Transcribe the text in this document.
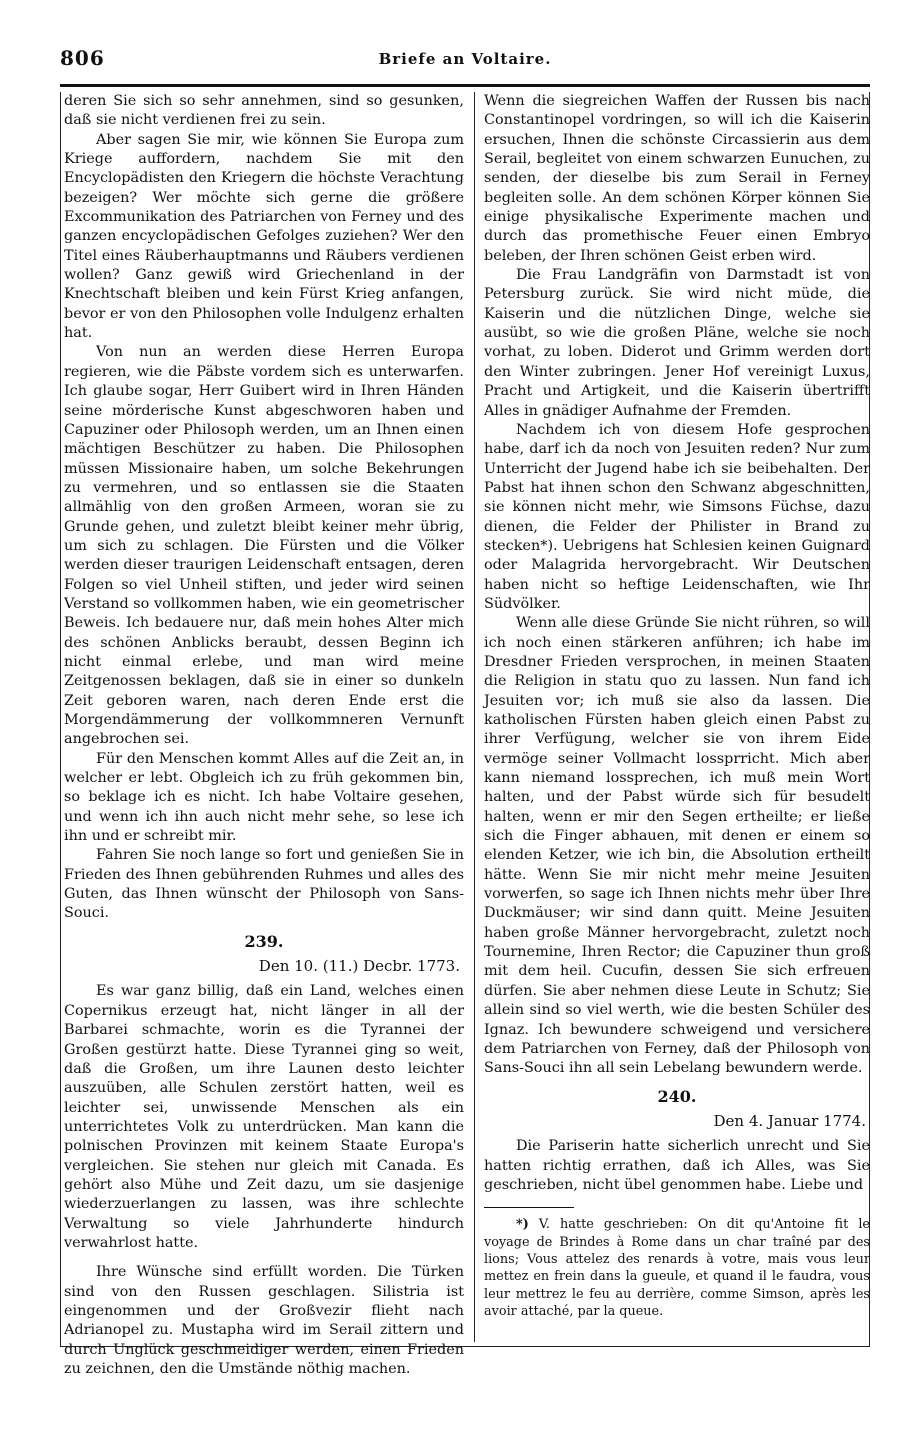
806	Briefe an Voltaire.

deren Sie sich so sehr annehmen, sind so gesunken, daß sie nicht verdienen frei zu sein.

Aber sagen Sie mir, wie können Sie Europa zum Kriege auffordern, nachdem Sie mit den Encyclopädisten den Kriegern die höchste Verachtung bezeigen? Wer möchte sich gerne die größere Excommunikation des Patriarchen von Ferney und des ganzen encyclopädischen Gefolges zuziehen? Wer den Titel eines Räuberhauptmanns und Räubers verdienen wollen? Ganz gewiß wird Griechenland in der Knechtschaft bleiben und kein Fürst Krieg anfangen, bevor er von den Philosophen volle Indulgenz erhalten hat.

Von nun an werden diese Herren Europa regieren, wie die Päbste vordem sich es unterwarfen. Ich glaube sogar, Herr Guibert wird in Ihren Händen seine mörderische Kunst abgeschworen haben und Capuziner oder Philosoph werden, um an Ihnen einen mächtigen Beschützer zu haben. Die Philosophen müssen Missionaire haben, um solche Bekehrungen zu vermehren, und so entlassen sie die Staaten allmählig von den großen Armeen, woran sie zu Grunde gehen, und zuletzt bleibt keiner mehr übrig, um sich zu schlagen. Die Fürsten und die Völker werden dieser traurigen Leidenschaft entsagen, deren Folgen so viel Unheil stiften, und jeder wird seinen Verstand so vollkommen haben, wie ein geometrischer Beweis. Ich bedauere nur, daß mein hohes Alter mich des schönen Anblicks beraubt, dessen Beginn ich nicht einmal erlebe, und man wird meine Zeitgenossen beklagen, daß sie in einer so dunkeln Zeit geboren waren, nach deren Ende erst die Morgendämmerung der vollkommneren Vernunft angebrochen sei.

Für den Menschen kommt Alles auf die Zeit an, in welcher er lebt. Obgleich ich zu früh gekommen bin, so beklage ich es nicht. Ich habe Voltaire gesehen, und wenn ich ihn auch nicht mehr sehe, so lese ich ihn und er schreibt mir.

Fahren Sie noch lange so fort und genießen Sie in Frieden des Ihnen gebührenden Ruhmes und alles des Guten, das Ihnen wünscht der Philosoph von Sans-Souci.

239.
Den 10. (11.) Decbr. 1773.

Es war ganz billig, daß ein Land, welches einen Copernikus erzeugt hat, nicht länger in all der Barbarei schmachte, worin es die Tyrannei der Großen gestürzt hatte. Diese Tyrannei ging so weit, daß die Großen, um ihre Launen desto leichter auszuüben, alle Schulen zerstört hatten, weil es leichter sei, unwissende Menschen als ein unterrichtetes Volk zu unterdrücken. Man kann die polnischen Provinzen mit keinem Staate Europa's vergleichen. Sie stehen nur gleich mit Canada. Es gehört also Mühe und Zeit dazu, um sie dasjenige wiederzuerlangen zu lassen, was ihre schlechte Verwaltung so viele Jahrhunderte hindurch verwahrlost hatte.

Ihre Wünsche sind erfüllt worden. Die Türken sind von den Russen geschlagen. Silistria ist eingenommen und der Großvezir flieht nach Adrianopel zu. Mustapha wird im Serail zittern und durch Unglück geschmeidiger werden, einen Frieden zu zeichnen, den die Umstände nöthig machen.

Wenn die siegreichen Waffen der Russen bis nach Constantinopel vordringen, so will ich die Kaiserin ersuchen, Ihnen die schönste Circassierin aus dem Serail, begleitet von einem schwarzen Eunuchen, zu senden, der dieselbe bis zum Serail in Ferney begleiten solle. An dem schönen Körper können Sie einige physikalische Experimente machen und durch das promethische Feuer einen Embryo beleben, der Ihren schönen Geist erben wird.

Die Frau Landgräfin von Darmstadt ist von Petersburg zurück. Sie wird nicht müde, die Kaiserin und die nützlichen Dinge, welche sie ausübt, so wie die großen Pläne, welche sie noch vorhat, zu loben. Diderot und Grimm werden dort den Winter zubringen. Jener Hof vereinigt Luxus, Pracht und Artigkeit, und die Kaiserin übertrifft Alles in gnädiger Aufnahme der Fremden.

Nachdem ich von diesem Hofe gesprochen habe, darf ich da noch von Jesuiten reden? Nur zum Unterricht der Jugend habe ich sie beibehalten. Der Pabst hat ihnen schon den Schwanz abgeschnitten, sie können nicht mehr, wie Simsons Füchse, dazu dienen, die Felder der Philister in Brand zu stecken*). Uebrigens hat Schlesien keinen Guignard oder Malagrida hervorgebracht. Wir Deutschen haben nicht so heftige Leidenschaften, wie Ihr Südvölker.

Wenn alle diese Gründe Sie nicht rühren, so will ich noch einen stärkeren anführen; ich habe im Dresdner Frieden versprochen, in meinen Staaten die Religion in statu quo zu lassen. Nun fand ich Jesuiten vor; ich muß sie also da lassen. Die katholischen Fürsten haben gleich einen Pabst zu ihrer Verfügung, welcher sie von ihrem Eide vermöge seiner Vollmacht lossprricht. Mich aber kann niemand lossprechen, ich muß mein Wort halten, und der Pabst würde sich für besudelt halten, wenn er mir den Segen ertheilte; er ließe sich die Finger abhauen, mit denen er einem so elenden Ketzer, wie ich bin, die Absolution ertheilt hätte. Wenn Sie mir nicht mehr meine Jesuiten vorwerfen, so sage ich Ihnen nichts mehr über Ihre Duckmäuser; wir sind dann quitt. Meine Jesuiten haben große Männer hervorgebracht, zuletzt noch Tournemine, Ihren Rector; die Capuziner thun groß mit dem heil. Cucufin, dessen Sie sich erfreuen dürfen. Sie aber nehmen diese Leute in Schutz; Sie allein sind so viel werth, wie die besten Schüler des Ignaz. Ich bewundere schweigend und versichere dem Patriarchen von Ferney, daß der Philosoph von Sans-Souci ihn all sein Lebelang bewundern werde.

240.
Den 4. Januar 1774.

Die Pariserin hatte sicherlich unrecht und Sie hatten richtig errathen, daß ich Alles, was Sie geschrieben, nicht übel genommen habe. Liebe und

*) V. hatte geschrieben: On dit qu'Antoine fit le voyage de Brindes à Rome dans un char traîné par des lions; Vous attelez des renards à votre, mais vous leur mettez en frein dans la gueule, et quand il le faudra, vous leur mettrez le feu au derrière, comme Simson, après les avoir attaché, par la queue.
